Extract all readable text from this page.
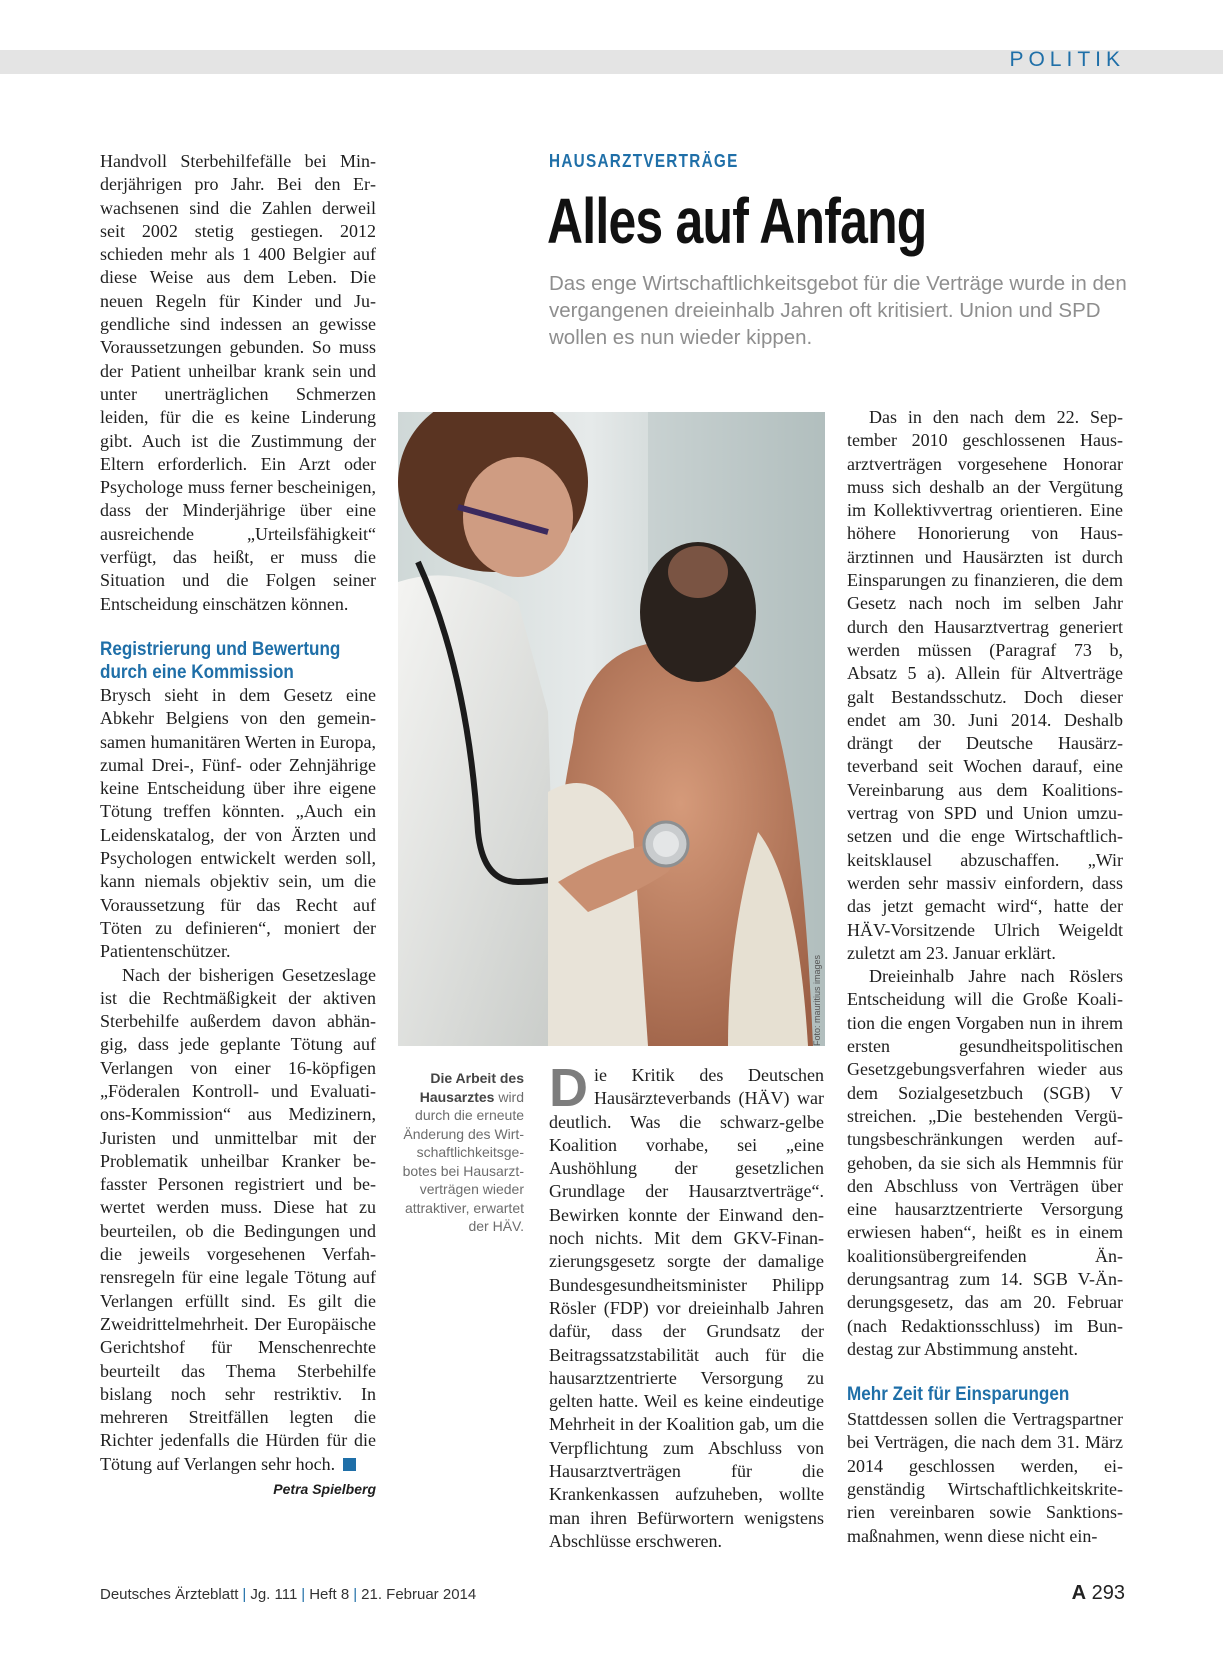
POLITIK

Handvoll Sterbehilfefälle bei Minderjährigen pro Jahr. Bei den Erwachsenen sind die Zahlen derweil seit 2002 stetig gestiegen. 2012 schieden mehr als 1 400 Belgier auf diese Weise aus dem Leben. Die neuen Regeln für Kinder und Jugendliche sind indessen an gewisse Voraussetzungen gebunden. So muss der Patient unheilbar krank sein und unter unerträglichen Schmerzen leiden, für die es keine Linderung gibt. Auch ist die Zustimmung der Eltern erforderlich. Ein Arzt oder Psychologe muss ferner bescheinigen, dass der Minderjährige über eine ausreichende „Urteilsfähigkeit“ verfügt, das heißt, er muss die Situation und die Folgen seiner Entscheidung einschätzen können.

Registrierung und Bewertung
durch eine Kommission

Brysch sieht in dem Gesetz eine Abkehr Belgiens von den gemeinsamen humanitären Werten in Europa, zumal Drei-, Fünf- oder Zehnjährige keine Entscheidung über ihre eigene Tötung treffen könnten. „Auch ein Leidenskatalog, der von Ärzten und Psychologen entwickelt werden soll, kann niemals objektiv sein, um die Voraussetzung für das Recht auf Töten zu definieren“, moniert der Patientenschützer.

Nach der bisherigen Gesetzeslage ist die Rechtmäßigkeit der aktiven Sterbehilfe außerdem davon abhängig, dass jede geplante Tötung auf Verlangen von einer 16-köpfigen „Föderalen Kontroll- und Evaluations-Kommission“ aus Medizinern, Juristen und unmittelbar mit der Problematik unheilbar Kranker befasster Personen registriert und bewertet werden muss. Diese hat zu beurteilen, ob die Bedingungen und die jeweils vorgesehenen Verfahrensregeln für eine legale Tötung auf Verlangen erfüllt sind. Es gilt die Zweidrittelmehrheit. Der Europäische Gerichtshof für Menschenrechte beurteilt das Thema Sterbehilfe bislang noch sehr restriktiv. In mehreren Streitfällen legten die Richter jedenfalls die Hürden für die Tötung auf Verlangen sehr hoch.

Petra Spielberg
HAUSARZTVERTRÄGE
Alles auf Anfang
Das enge Wirtschaftlichkeitsgebot für die Verträge wurde in den vergangenen dreieinhalb Jahren oft kritisiert. Union und SPD wollen es nun wieder kippen.
Foto: mauritius images
Die Arbeit des Hausarztes wird durch die erneute Änderung des Wirtschaftlichkeitsgebotes bei Hausarztverträgen wieder attraktiver, erwartet der HÄV.

Die Kritik des Deutschen Hausärzteverbands (HÄV) war deutlich. Was die schwarz-gelbe Koalition vorhabe, sei „eine Aushöhlung der gesetzlichen Grundlage der Hausarztverträge“. Bewirken konnte der Einwand dennoch nichts. Mit dem GKV-Finanzierungsgesetz sorgte der damalige Bundesgesundheitsminister Philipp Rösler (FDP) vor dreieinhalb Jahren dafür, dass der Grundsatz der Beitragssatzstabilität auch für die hausarztzentrierte Versorgung zu gelten hatte. Weil es keine eindeutige Mehrheit in der Koalition gab, um die Verpflichtung zum Abschluss von Hausarztverträgen für die Krankenkassen aufzuheben, wollte man ihren Befürwortern wenigstens Abschlüsse erschweren.

Das in den nach dem 22. September 2010 geschlossenen Hausarztverträgen vorgesehene Honorar muss sich deshalb an der Vergütung im Kollektivvertrag orientieren. Eine höhere Honorierung von Hausärztinnen und Hausärzten ist durch Einsparungen zu finanzieren, die dem Gesetz nach noch im selben Jahr durch den Hausarztvertrag generiert werden müssen (Paragraf 73 b, Absatz 5 a). Allein für Altverträge galt Bestandsschutz. Doch dieser endet am 30. Juni 2014. Deshalb drängt der Deutsche Hausärzteverband seit Wochen darauf, eine Vereinbarung aus dem Koalitionsvertrag von SPD und Union umzusetzen und die enge Wirtschaftlichkeitsklausel abzuschaffen. „Wir werden sehr massiv einfordern, dass das jetzt gemacht wird“, hatte der HÄV-Vorsitzende Ulrich Weigeldt zuletzt am 23. Januar erklärt.

Dreieinhalb Jahre nach Röslers Entscheidung will die Große Koalition die engen Vorgaben nun in ihrem ersten gesundheitspolitischen Gesetzgebungsverfahren wieder aus dem Sozialgesetzbuch (SGB) V streichen. „Die bestehenden Vergütungsbeschränkungen werden aufgehoben, da sie sich als Hemmnis für den Abschluss von Verträgen über eine hausarztzentrierte Versorgung erwiesen haben“, heißt es in einem koalitionsübergreifenden Änderungsantrag zum 14. SGB V-Änderungsgesetz, das am 20. Februar (nach Redaktionsschluss) im Bundestag zur Abstimmung ansteht.

Mehr Zeit für Einsparungen

Stattdessen sollen die Vertragspartner bei Verträgen, die nach dem 31. März 2014 geschlossen werden, eigenständig Wirtschaftlichkeitskriterien vereinbaren sowie Sanktionsmaßnahmen, wenn diese nicht ein-

Deutsches Ärzteblatt | Jg. 111 | Heft 8 | 21. Februar 2014	A 293
